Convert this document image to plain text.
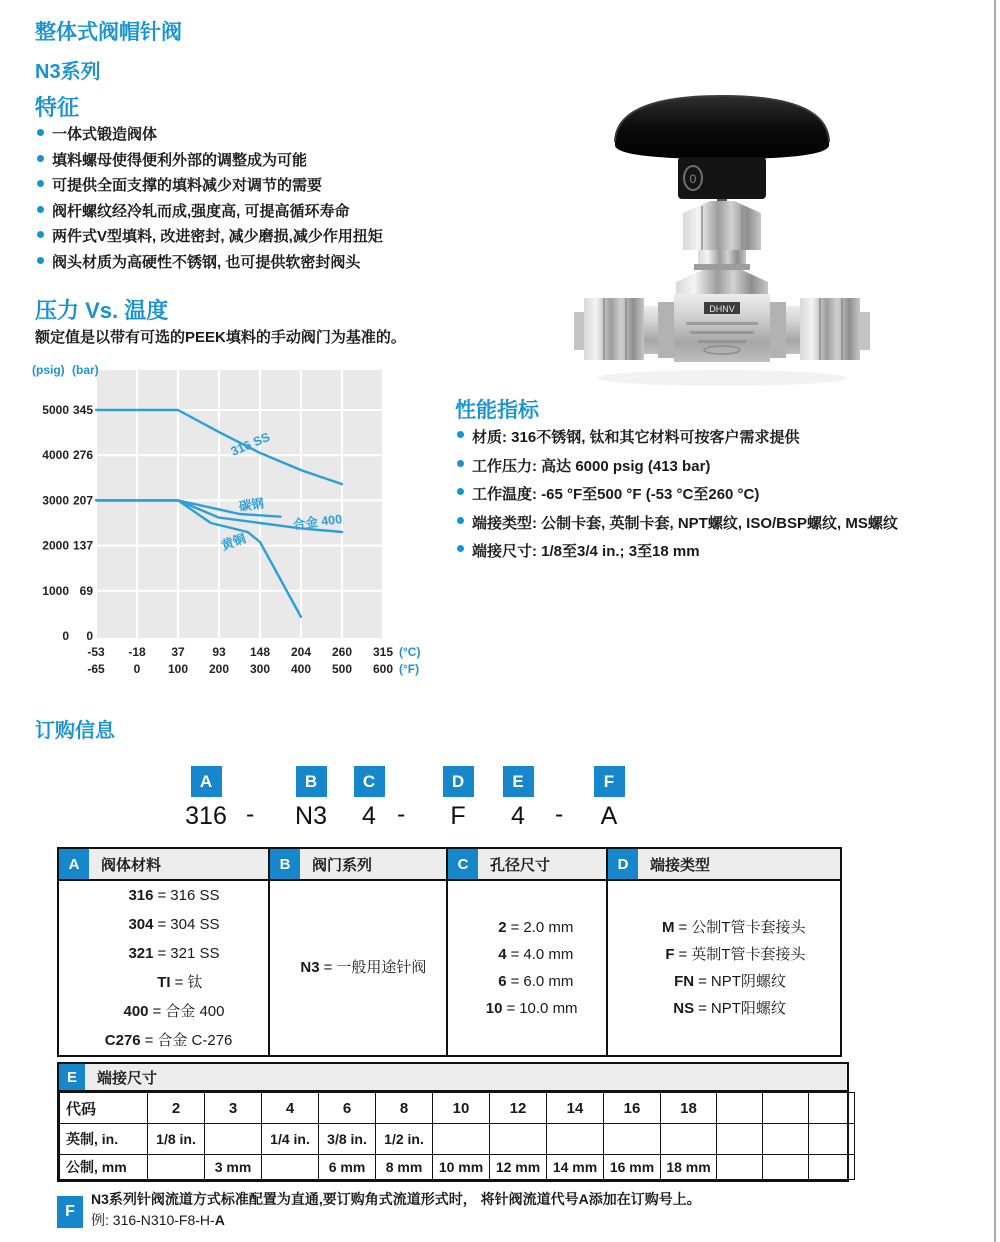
整体式阀帽针阀
N3系列
特征
一体式锻造阀体
填料螺母使得便利外部的调整成为可能
可提供全面支撑的填料减少对调节的需要
阀杆螺纹经冷轧而成,强度高, 可提高循环寿命
两件式V型填料, 改进密封, 减少磨损,减少作用扭矩
阀头材质为高硬性不锈钢, 也可提供软密封阀头
压力 Vs. 温度
额定值是以带有可选的PEEK填料的手动阀门为基准的。
5000 345
4000 276
3000 207
2000 137
1000 69
0 0
(psig) (bar)
-53
-65
-18
0
37
100
93
200
148
300
204
400
260
500
315
600
(°C)
(°F)
316 SS
碳钢
合金 400
黄铜
0
DHNV
性能指标
材质: 316不锈钢, 钛和其它材料可按客户需求提供
工作压力: 高达 6000 psig (413 bar)
工作温度: -65 °F至500 °F (-53 °C至260 °C)
端接类型: 公制卡套, 英制卡套, NPT螺纹, ISO/BSP螺纹, MS螺纹
端接尺寸: 1/8至3/4 in.; 3至18 mm
订购信息
A
316
B
N3
C
4
D
F
E
4
F
A
-	-	-
A	阀体材料
316 = 316 SS
304 = 304 SS
321 = 321 SS
TI = 钛
400 = 合金 400
C276 = 合金 C-276
B	阀门系列
N3 = 一般用途针阀
C	孔径尺寸
2 = 2.0 mm
4 = 4.0 mm
6 = 6.0 mm
10 = 10.0 mm
D	端接类型
M = 公制T管卡套接头
F = 英制T管卡套接头
FN = NPT阴螺纹
NS = NPT阳螺纹
E	端接尺寸
代码	2	3	4	6	8	10	12	14	16	18			
英制, in.	1/8 in.		1/4 in.	3/8 in.	1/2 in.								
公制, mm		3 mm		6 mm	8 mm	10 mm	12 mm	14 mm	16 mm	18 mm			
F
N3系列针阀流道方式标准配置为直通,要订购角式流道形式时， 将针阀流道代号A添加在订购号上。
例: 316-N310-F8-H-A
